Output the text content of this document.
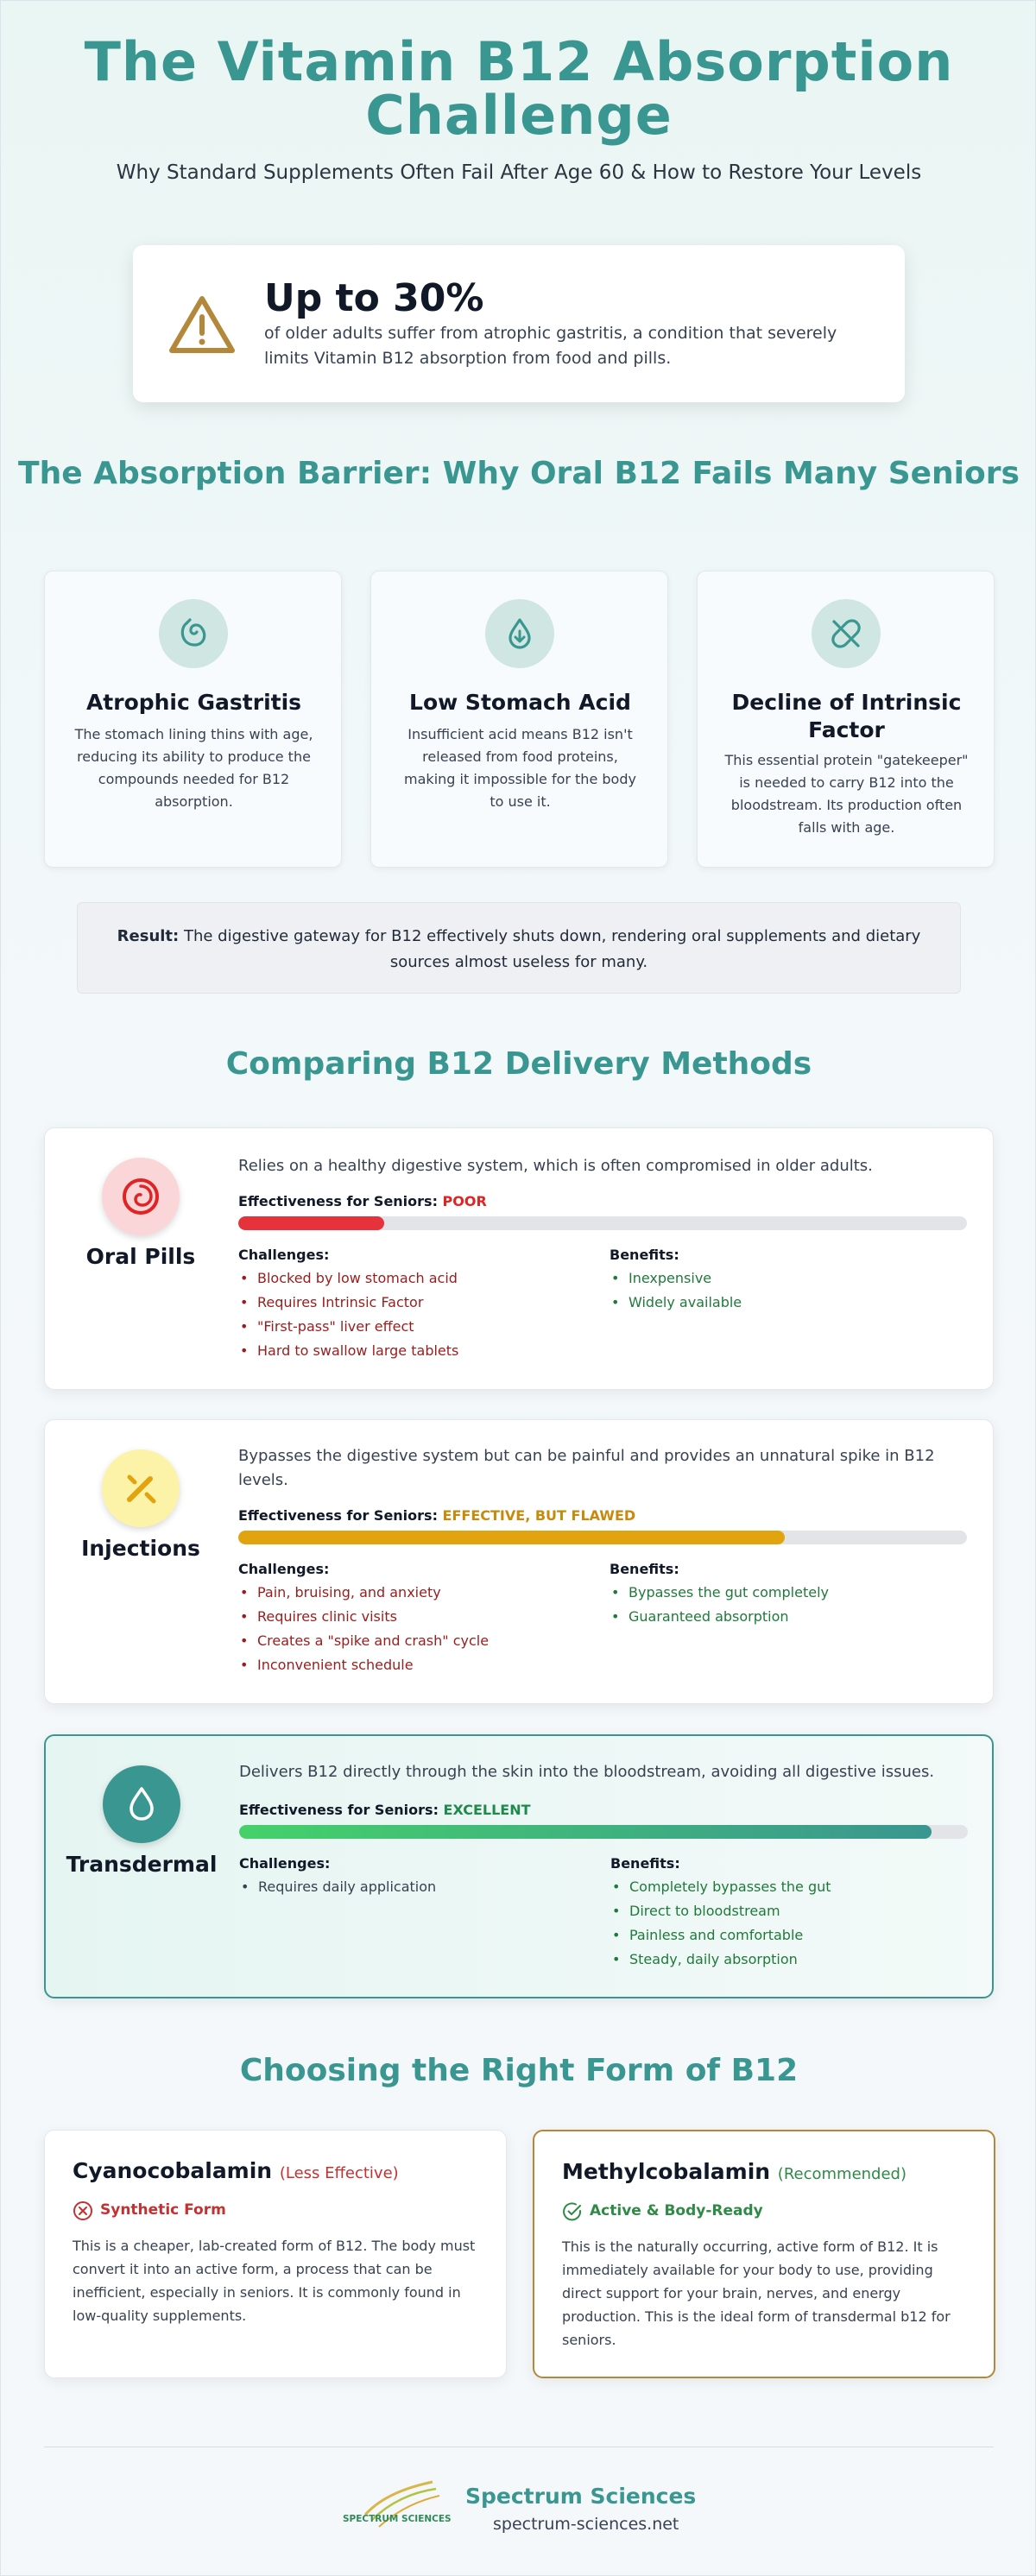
The Vitamin B12 Absorption
Challenge
Why Standard Supplements Often Fail After Age 60 & How to Restore Your Levels
Up to 30%
of older adults suffer from atrophic gastritis, a condition that severely limits Vitamin B12 absorption from food and pills.
The Absorption Barrier: Why Oral B12 Fails Many Seniors
Atrophic Gastritis
The stomach lining thins with age, reducing its ability to produce the compounds needed for B12 absorption.
Low Stomach Acid
Insufficient acid means B12 isn't released from food proteins, making it impossible for the body to use it.
Decline of Intrinsic Factor
This essential protein "gatekeeper" is needed to carry B12 into the bloodstream. Its production often falls with age.
Result: The digestive gateway for B12 effectively shuts down, rendering oral supplements and dietary sources almost useless for many.
Comparing B12 Delivery Methods
Oral Pills
Relies on a healthy digestive system, which is often compromised in older adults.
Effectiveness for Seniors: POOR
Challenges:
• Blocked by low stomach acid
• Requires Intrinsic Factor
• "First-pass" liver effect
• Hard to swallow large tablets
Benefits:
• Inexpensive
• Widely available
Injections
Bypasses the digestive system but can be painful and provides an unnatural spike in B12 levels.
Effectiveness for Seniors: EFFECTIVE, BUT FLAWED
Challenges:
• Pain, bruising, and anxiety
• Requires clinic visits
• Creates a "spike and crash" cycle
• Inconvenient schedule
Benefits:
• Bypasses the gut completely
• Guaranteed absorption
Transdermal
Delivers B12 directly through the skin into the bloodstream, avoiding all digestive issues.
Effectiveness for Seniors: EXCELLENT
Challenges:
• Requires daily application
Benefits:
• Completely bypasses the gut
• Direct to bloodstream
• Painless and comfortable
• Steady, daily absorption
Choosing the Right Form of B12
Cyanocobalamin (Less Effective)
Synthetic Form
This is a cheaper, lab-created form of B12. The body must convert it into an active form, a process that can be inefficient, especially in seniors. It is commonly found in low-quality supplements.
Methylcobalamin (Recommended)
Active & Body-Ready
This is the naturally occurring, active form of B12. It is immediately available for your body to use, providing direct support for your brain, nerves, and energy production. This is the ideal form of transdermal b12 for seniors.
SPECTRUM SCIENCES
Spectrum Sciences
spectrum-sciences.net
